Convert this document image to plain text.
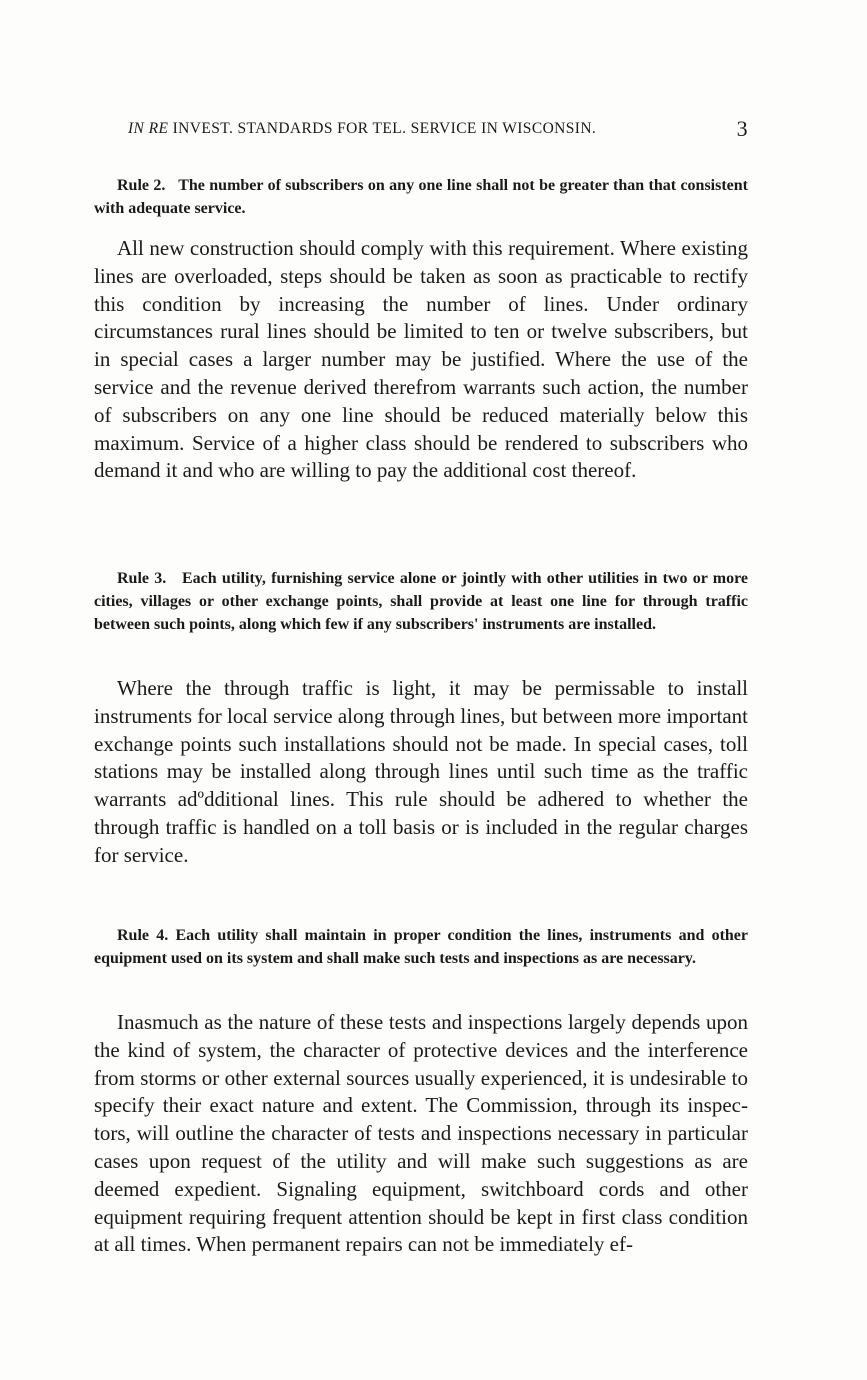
IN RE INVEST. STANDARDS FOR TEL. SERVICE IN WISCONSIN.	3
Rule 2. The number of subscribers on any one line shall not be greater than that consistent with adequate service.
All new construction should comply with this requirement. Where existing lines are overloaded, steps should be taken as soon as practicable to rectify this condition by increasing the number of lines. Under ordinary circumstances rural lines should be limited to ten or twelve subscribers, but in special cases a larger number may be justified. Where the use of the service and the revenue derived therefrom warrants such action, the number of subscribers on any one line should be reduced materially below this maximum. Service of a higher class should be rendered to subscribers who demand it and who are willing to pay the additional cost thereof.
Rule 3. Each utility, furnishing service alone or jointly with other utilities in two or more cities, villages or other exchange points, shall provide at least one line for through traffic between such points, along which few if any subscribers' instruments are installed.
Where the through traffic is light, it may be permissable to install instruments for local service along through lines, but between more important exchange points such installations should not be made. In special cases, toll stations may be installed along through lines until such time as the traffic warrants adºdditional lines. This rule should be adhered to whether the through traffic is handled on a toll basis or is included in the regular charges for service.
Rule 4. Each utility shall maintain in proper condition the lines, instruments and other equipment used on its system and shall make such tests and inspections as are necessary.
Inasmuch as the nature of these tests and inspections largely depends upon the kind of system, the character of protective devices and the interference from storms or other external sources usually experienced, it is undesirable to specify their exact nature and extent. The Commission, through its inspectors, will outline the character of tests and inspections necessary in particular cases upon request of the utility and will make such suggestions as are deemed expedient. Signaling equipment, switchboard cords and other equipment requiring frequent attention should be kept in first class condition at all times. When permanent repairs can not be immediately ef-
